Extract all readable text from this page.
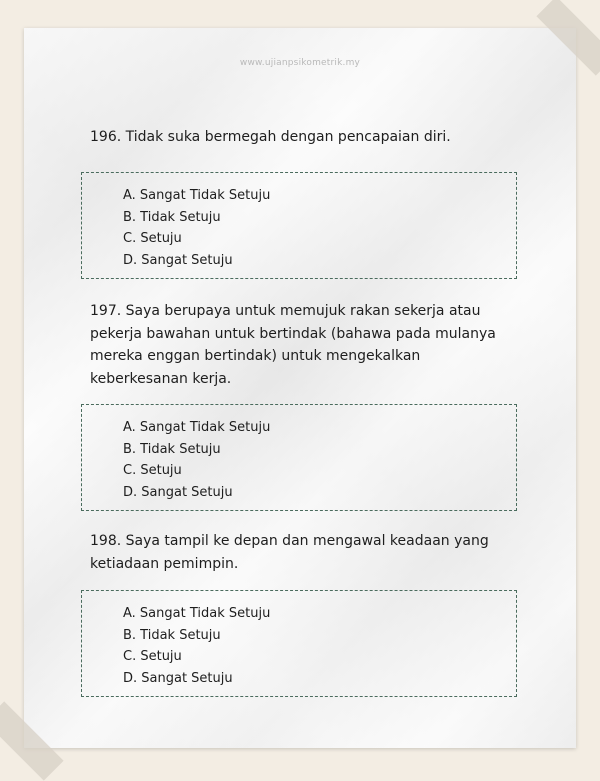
www.ujianpsikometrik.my

196. Tidak suka bermegah dengan pencapaian diri.

A. Sangat Tidak Setuju
B. Tidak Setuju
C. Setuju
D. Sangat Setuju

197. Saya berupaya untuk memujuk rakan sekerja atau pekerja bawahan untuk bertindak (bahawa pada mulanya mereka enggan bertindak) untuk mengekalkan keberkesanan kerja.

A. Sangat Tidak Setuju
B. Tidak Setuju
C. Setuju
D. Sangat Setuju

198. Saya tampil ke depan dan mengawal keadaan yang ketiadaan pemimpin.

A. Sangat Tidak Setuju
B. Tidak Setuju
C. Setuju
D. Sangat Setuju
